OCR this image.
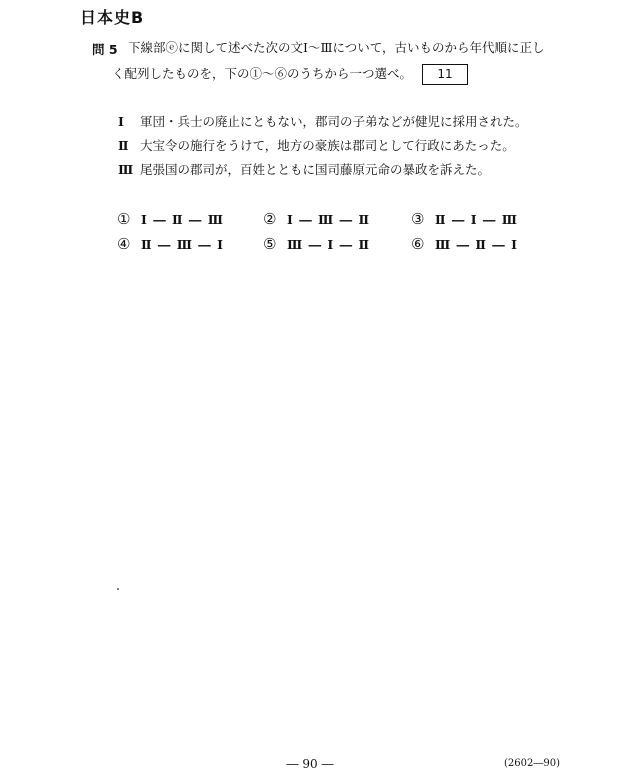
日本史B
問 5 下線部ⓔに関して述べた次の文Ⅰ～Ⅲについて，古いものから年代順に正し
く配列したものを，下の①～⑥のうちから一つ選べ。 11
Ⅰ 軍団・兵士の廃止にともない，郡司の子弟などが健児に採用された。
Ⅱ 大宝令の施行をうけて，地方の豪族は郡司として行政にあたった。
Ⅲ 尾張国の郡司が，百姓とともに国司藤原元命の暴政を訴えた。
① Ⅰ ― Ⅱ ― Ⅲ	② Ⅰ ― Ⅲ ― Ⅱ	③ Ⅱ ― Ⅰ ― Ⅲ
④ Ⅱ ― Ⅲ ― Ⅰ	⑤ Ⅲ ― Ⅰ ― Ⅱ	⑥ Ⅲ ― Ⅱ ― Ⅰ
― 90 ―	(2602―90)
